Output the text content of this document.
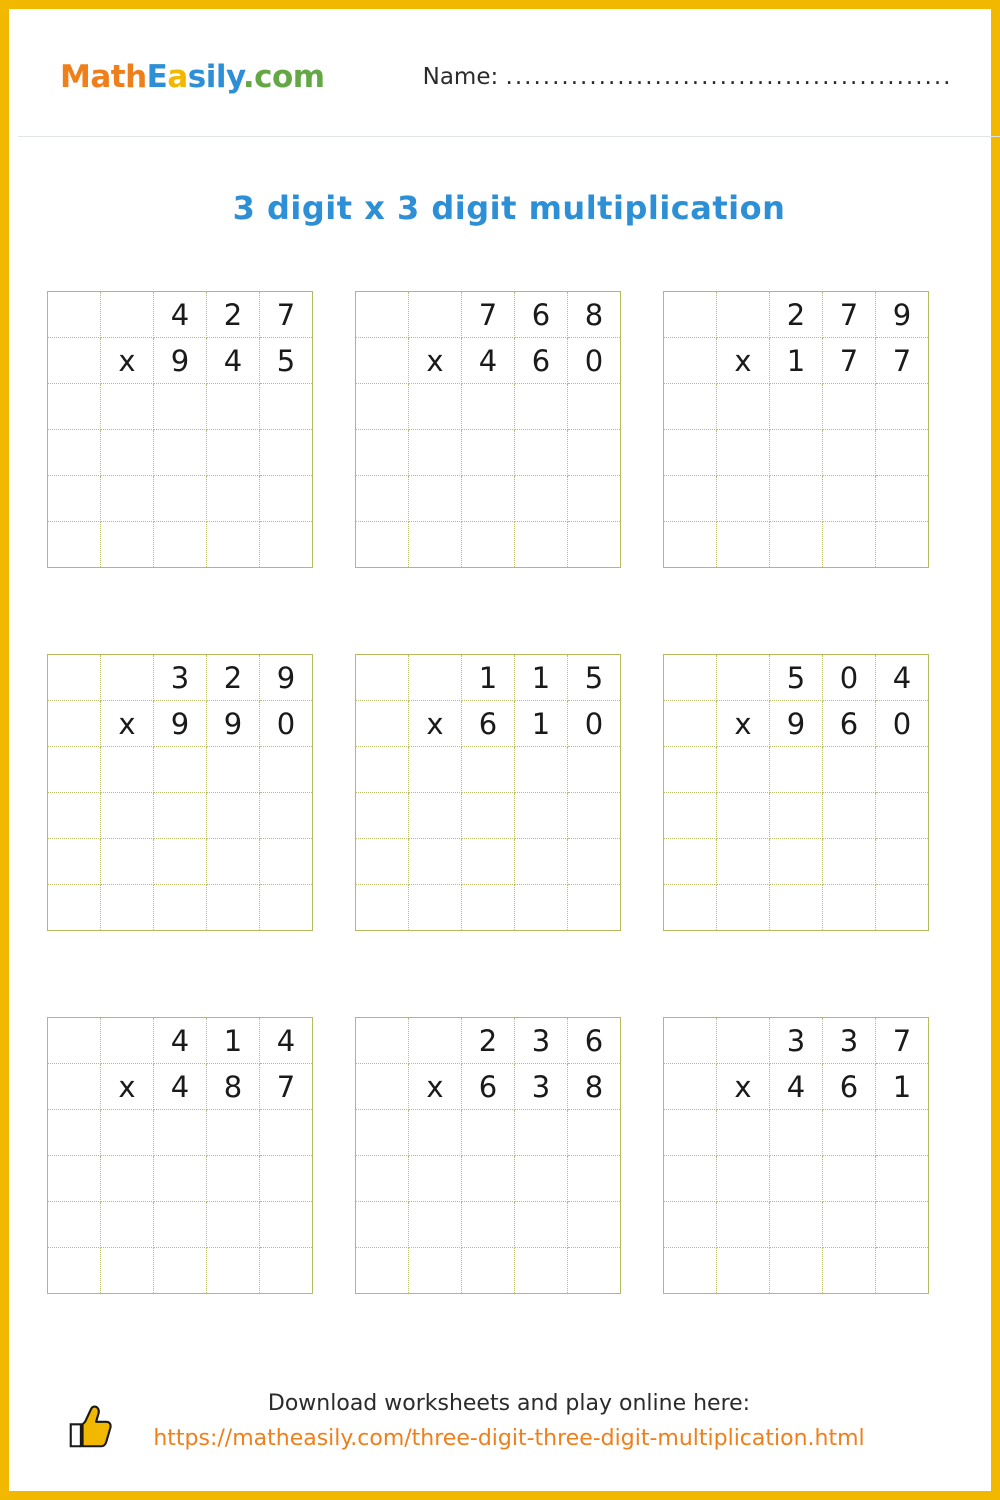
MathEasily.com	Name: ................................................
3 digit x 3 digit multiplication
		4	2	7
	x	9	4	5

		7	6	8
	x	4	6	0

		2	7	9
	x	1	7	7

		3	2	9
	x	9	9	0

		1	1	5
	x	6	1	0

		5	0	4
	x	9	6	0

		4	1	4
	x	4	8	7

		2	3	6
	x	6	3	8

		3	3	7
	x	4	6	1

Download worksheets and play online here:
https://matheasily.com/three-digit-three-digit-multiplication.html
